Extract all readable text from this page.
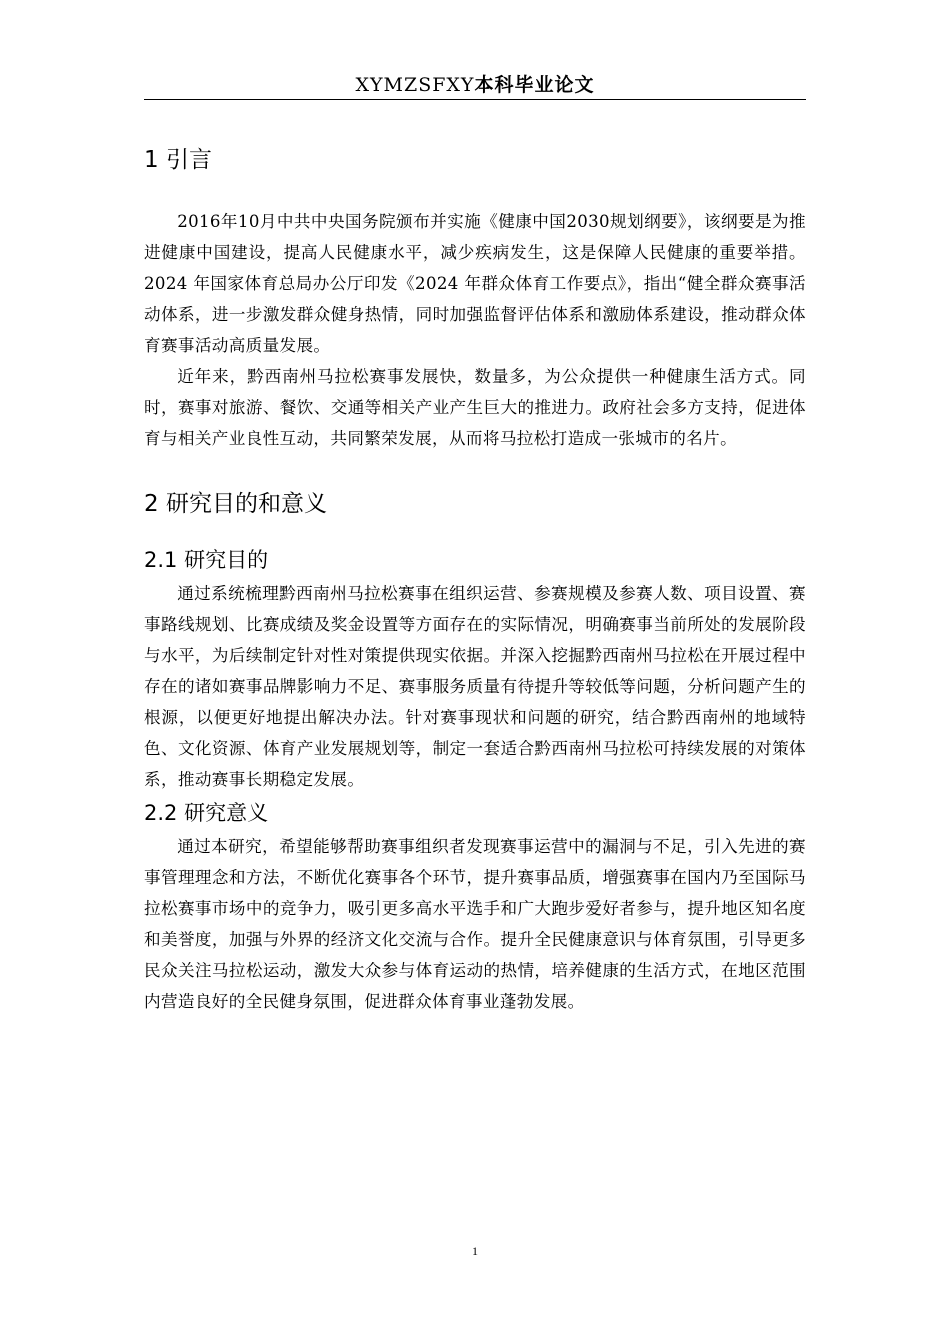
XYMZSFXY本科毕业论文
1 引言

2016年10月中共中央国务院颁布并实施《健康中国2030规划纲要》，该纲要是为推进健康中国建设，提高人民健康水平，减少疾病发生，这是保障人民健康的重要举措。2024 年国家体育总局办公厅印发《2024 年群众体育工作要点》，指出“健全群众赛事活动体系，进一步激发群众健身热情，同时加强监督评估体系和激励体系建设，推动群众体育赛事活动高质量发展。

近年来，黔西南州马拉松赛事发展快，数量多，为公众提供一种健康生活方式。同时，赛事对旅游、餐饮、交通等相关产业产生巨大的推进力。政府社会多方支持，促进体育与相关产业良性互动，共同繁荣发展，从而将马拉松打造成一张城市的名片。

2 研究目的和意义
2.1 研究目的

通过系统梳理黔西南州马拉松赛事在组织运营、参赛规模及参赛人数、项目设置、赛事路线规划、比赛成绩及奖金设置等方面存在的实际情况，明确赛事当前所处的发展阶段与水平，为后续制定针对性对策提供现实依据。并深入挖掘黔西南州马拉松在开展过程中存在的诸如赛事品牌影响力不足、赛事服务质量有待提升等较低等问题，分析问题产生的根源，以便更好地提出解决办法。针对赛事现状和问题的研究，结合黔西南州的地域特色、文化资源、体育产业发展规划等，制定一套适合黔西南州马拉松可持续发展的对策体系，推动赛事长期稳定发展。

2.2 研究意义

通过本研究，希望能够帮助赛事组织者发现赛事运营中的漏洞与不足，引入先进的赛事管理理念和方法，不断优化赛事各个环节，提升赛事品质，增强赛事在国内乃至国际马拉松赛事市场中的竞争力，吸引更多高水平选手和广大跑步爱好者参与，提升地区知名度和美誉度，加强与外界的经济文化交流与合作。提升全民健康意识与体育氛围，引导更多民众关注马拉松运动，激发大众参与体育运动的热情，培养健康的生活方式，在地区范围内营造良好的全民健身氛围，促进群众体育事业蓬勃发展。

1
